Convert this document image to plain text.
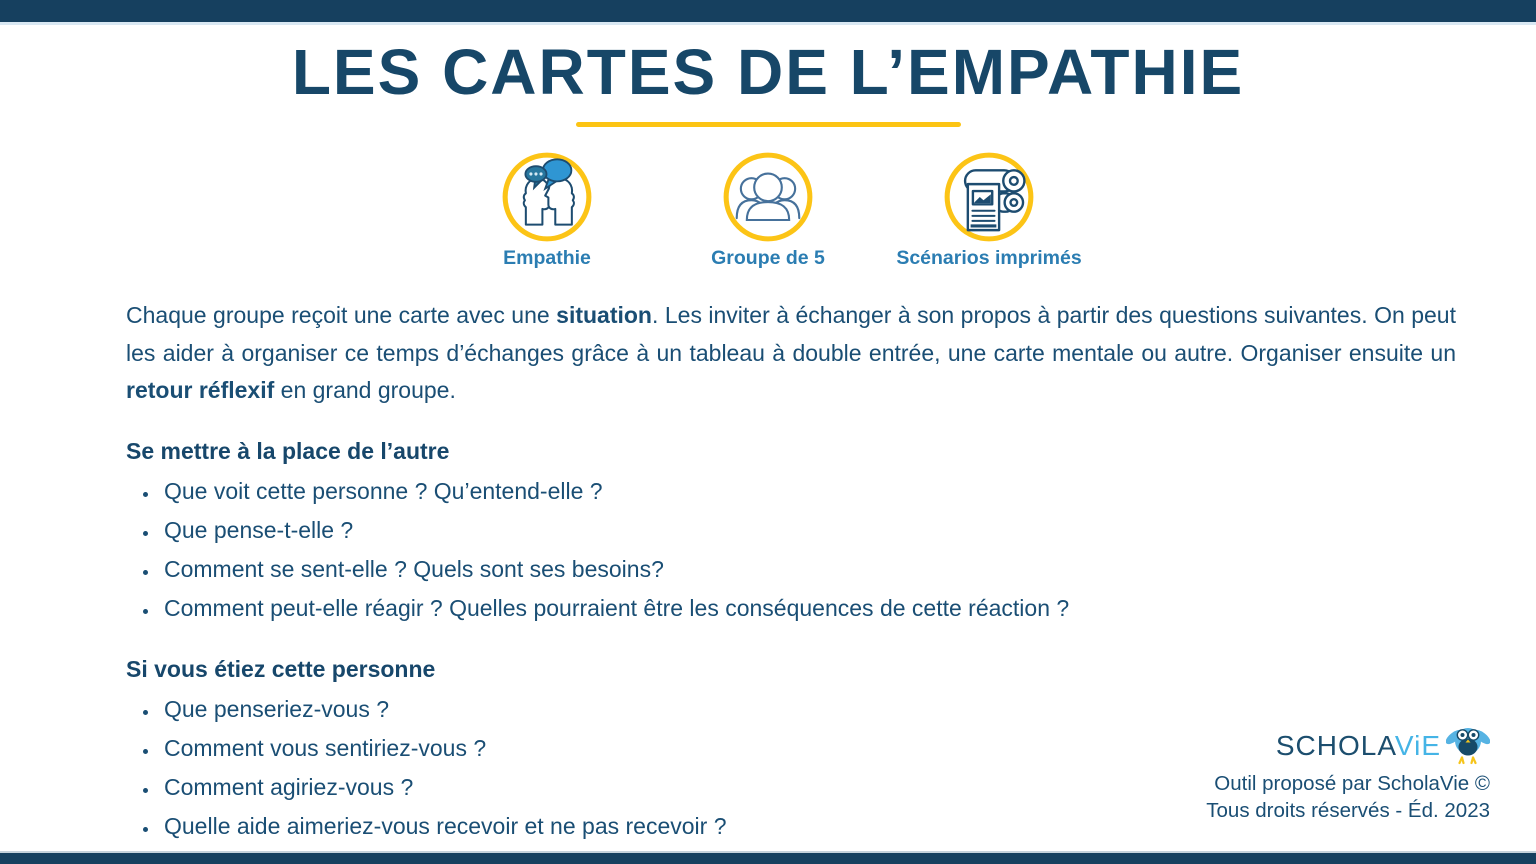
LES CARTES DE L’EMPATHIE
Empathie	Groupe de 5	Scénarios imprimés

Chaque groupe reçoit une carte avec une situation. Les inviter à échanger à son propos à partir des questions suivantes. On peut les aider à organiser ce temps d’échanges grâce à un tableau à double entrée, une carte mentale ou autre. Organiser ensuite un retour réflexif en grand groupe.

Se mettre à la place de l’autre
• Que voit cette personne ? Qu’entend-elle ?
• Que pense-t-elle ?
• Comment se sent-elle ? Quels sont ses besoins?
• Comment peut-elle réagir ? Quelles pourraient être les conséquences de cette réaction ?
Si vous étiez cette personne
• Que penseriez-vous ?
• Comment vous sentiriez-vous ?
• Comment agiriez-vous ?
• Quelle aide aimeriez-vous recevoir et ne pas recevoir ?
SCHOLAViE
Outil proposé par ScholaVie ©
Tous droits réservés - Éd. 2023
